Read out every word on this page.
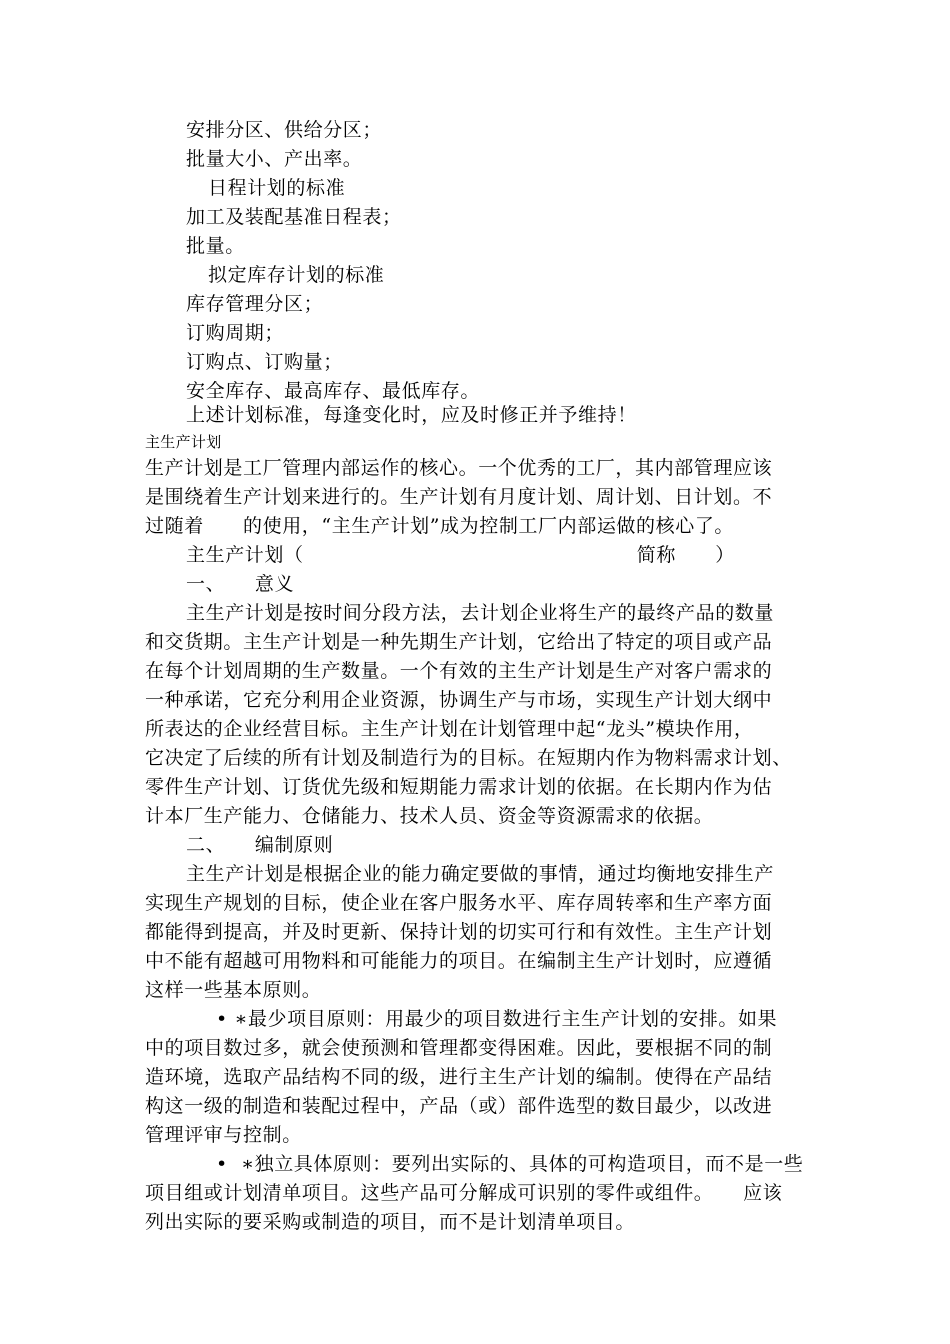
安排分区、供给分区；
批量大小、产出率。
日程计划的标准
加工及装配基准日程表；
批量。
拟定库存计划的标准
库存管理分区；
订购周期；
订购点、订购量；
安全库存、最高库存、最低库存。
上述计划标准，每逢变化时，应及时修正并予维持！
主生产计划
生产计划是工厂管理内部运作的核心。一个优秀的工厂，其内部管理应该
是围绕着生产计划来进行的。生产计划有月度计划、周计划、日计划。不
过随着　　的使用，“主生产计划”成为控制工厂内部运做的核心了。
主生产计划（　　　　　　　　　　　　　　　　　简称　　）
一、　　意义
主生产计划是按时间分段方法，去计划企业将生产的最终产品的数量
和交货期。主生产计划是一种先期生产计划，它给出了特定的项目或产品
在每个计划周期的生产数量。一个有效的主生产计划是生产对客户需求的
一种承诺，它充分利用企业资源，协调生产与市场，实现生产计划大纲中
所表达的企业经营目标。主生产计划在计划管理中起“龙头”模块作用，
它决定了后续的所有计划及制造行为的目标。在短期内作为物料需求计划、
零件生产计划、订货优先级和短期能力需求计划的依据。在长期内作为估
计本厂生产能力、仓储能力、技术人员、资金等资源需求的依据。
二、　　编制原则
主生产计划是根据企业的能力确定要做的事情，通过均衡地安排生产
实现生产规划的目标，使企业在客户服务水平、库存周转率和生产率方面
都能得到提高，并及时更新、保持计划的切实可行和有效性。主生产计划
中不能有超越可用物料和可能能力的项目。在编制主生产计划时，应遵循
这样一些基本原则。
• ∗最少项目原则：用最少的项目数进行主生产计划的安排。如果
中的项目数过多，就会使预测和管理都变得困难。因此，要根据不同的制
造环境，选取产品结构不同的级，进行主生产计划的编制。使得在产品结
构这一级的制造和装配过程中，产品（或）部件选型的数目最少，以改进
管理评审与控制。
•  ∗独立具体原则：要列出实际的、具体的可构造项目，而不是一些
项目组或计划清单项目。这些产品可分解成可识别的零件或组件。　　应该
列出实际的要采购或制造的项目，而不是计划清单项目。
